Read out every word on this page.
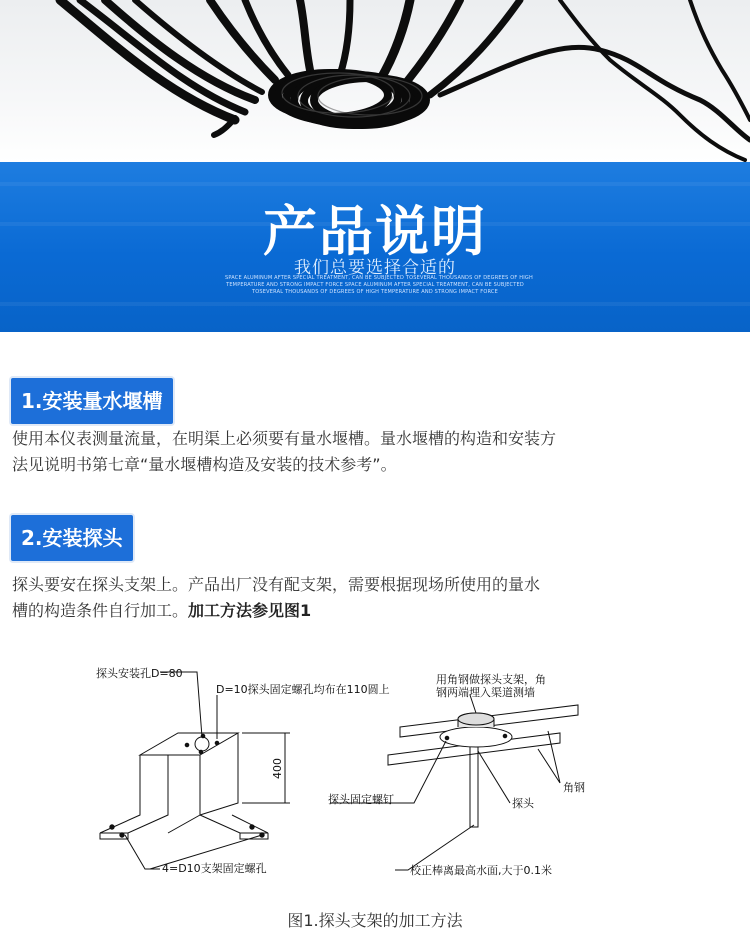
产品说明
我们总要选择合适的
SPACE ALUMINUM AFTER SPECIAL TREATMENT, CAN BE SUBJECTED TOSEVERAL THOUSANDS OF DEGREES OF HIGH
TEMPERATURE AND STRONG IMPACT FORCE SPACE ALUMINUM AFTER SPECIAL TREATMENT, CAN BE SUBJECTED
TOSEVERAL THOUSANDS OF DEGREES OF HIGH TEMPERATURE AND STRONG IMPACT FORCE
1.安装量水堰槽
使用本仪表测量流量，在明渠上必须要有量水堰槽。量水堰槽的构造和安装方
法见说明书第七章“量水堰槽构造及安装的技术参考”。
2.安装探头
探头要安在探头支架上。产品出厂没有配支架，需要根据现场所使用的量水
槽的构造条件自行加工。加工方法参见图1
探头安装孔D=80
D=10探头固定螺孔均布在110圆上
400
4=D10支架固定螺孔
用角钢做探头支架，角
钢两端埋入渠道测墙
角钢
探头固定螺钉	探头
校正棒离最高水面,大于0.1米
图1.探头支架的加工方法
